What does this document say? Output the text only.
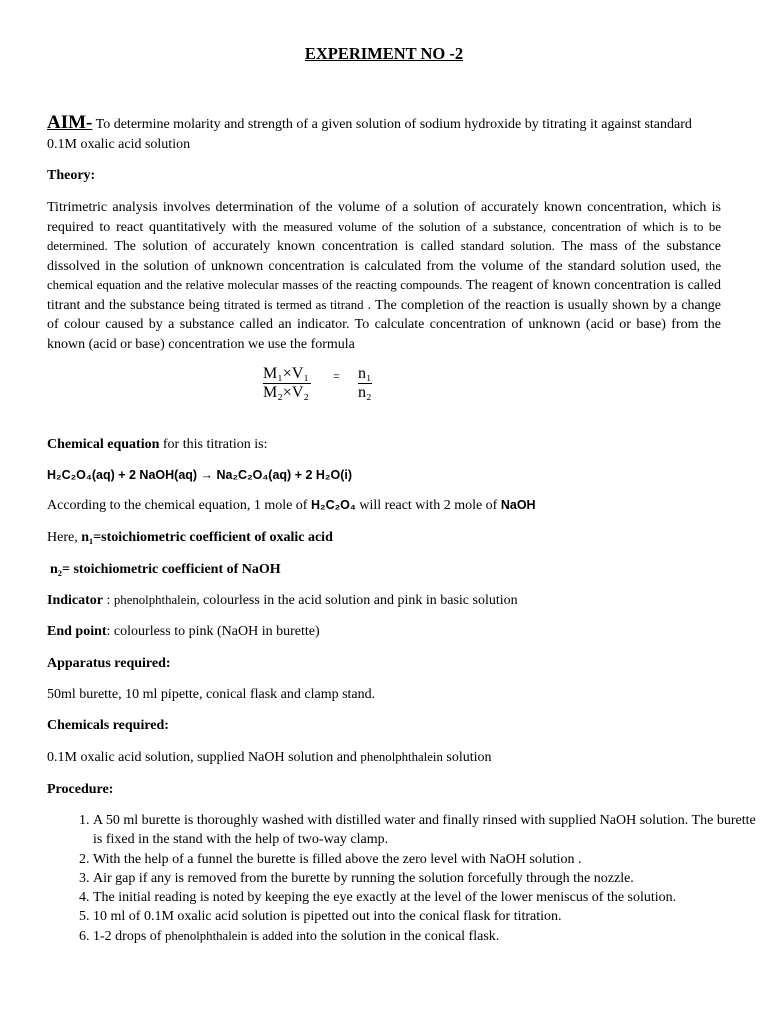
EXPERIMENT NO -2
AIM- To determine molarity and strength of a given solution of sodium hydroxide by titrating it against standard 0.1M oxalic acid solution
Theory:
Titrimetric analysis involves determination of the volume of a solution of accurately known concentration, which is required to react quantitatively with the measured volume of the solution of a substance, concentration of which is to be determined. The solution of accurately known concentration is called standard solution. The mass of the substance dissolved in the solution of unknown concentration is calculated from the volume of the standard solution used, the chemical equation and the relative molecular masses of the reacting compounds. The reagent of known concentration is called titrant and the substance being titrated is termed as titrand . The completion of the reaction is usually shown by a change of colour caused by a substance called an indicator. To calculate concentration of unknown (acid or base) from the known (acid or base) concentration we use the formula
$\frac{\text{M₁×V₁}}{\text{M₂×V₂}} = \frac{\text{n₁}}{\text{n₂}}$
Chemical equation for this titration is:
H₂C₂O₄(aq) + 2 NaOH(aq) → Na₂C₂O₄(aq) + 2 H₂O(i)
According to the chemical equation, 1 mole of H₂C₂O₄ will react with 2 mole of NaOH
Here, n₁=stoichiometric coefficient of oxalic acid
n₂= stoichiometric coefficient of NaOH
Indicator : phenolphthalein, colourless in the acid solution and pink in basic solution
End point: colourless to pink (NaOH in burette)
Apparatus required:
50ml burette, 10 ml pipette, conical flask and clamp stand.
Chemicals required:
0.1M oxalic acid solution, supplied NaOH solution and phenolphthalein solution
Procedure:
1. A 50 ml burette is thoroughly washed with distilled water and finally rinsed with supplied NaOH solution. The burette is fixed in the stand with the help of two-way clamp.
2. With the help of a funnel the burette is filled above the zero level with NaOH solution .
3. Air gap if any is removed from the burette by running the solution forcefully through the nozzle.
4. The initial reading is noted by keeping the eye exactly at the level of the lower meniscus of the solution.
5. 10 ml of 0.1M oxalic acid solution is pipetted out into the conical flask for titration.
6. 1-2 drops of phenolphthalein is added into the solution in the conical flask.
